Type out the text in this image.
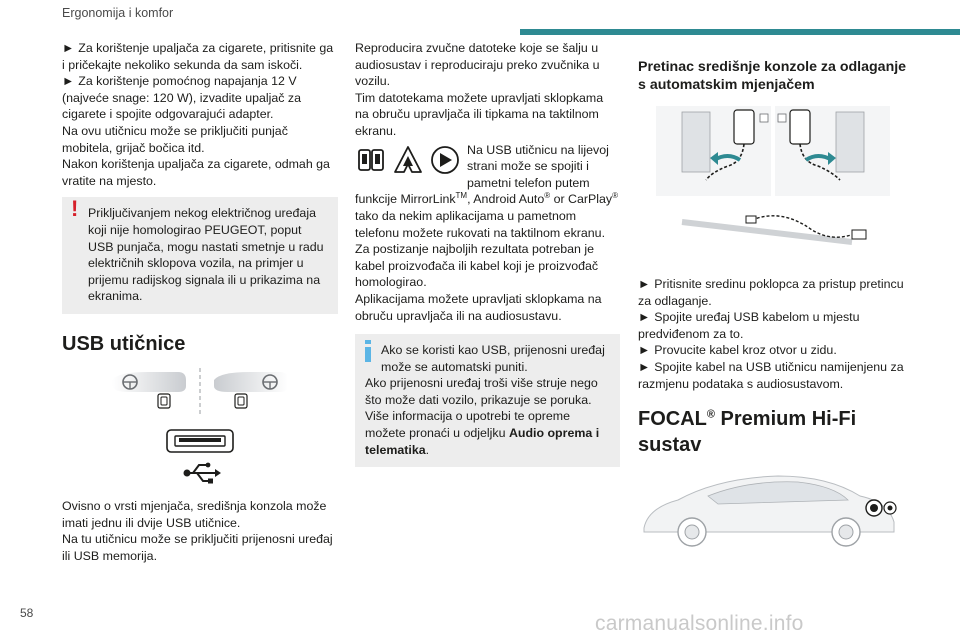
Ergonomija i komfor

► Za korištenje upaljača za cigarete, pritisnite ga i pričekajte nekoliko sekunda da sam iskoči.

► Za korištenje pomoćnog napajanja 12 V (najveće snage: 120 W), izvadite upaljač za cigarete i spojite odgovarajući adapter.

Na ovu utičnicu može se priključiti punjač mobitela, grijač bočica itd.

Nakon korištenja upaljača za cigarete, odmah ga vratite na mjesto.

! Priključivanjem nekog električnog uređaja koji nije homologirao PEUGEOT, poput USB punjača, mogu nastati smetnje u radu električnih sklopova vozila, na primjer u prijemu radijskog signala ili u prikazima na ekranima.

USB utičnice

Ovisno o vrsti mjenjača, središnja konzola može imati jednu ili dvije USB utičnice.

Na tu utičnicu može se priključiti prijenosni uređaj ili USB memorija.

Reproducira zvučne datoteke koje se šalju u audiosustav i reproduciraju preko zvučnika u vozilu.

Tim datotekama možete upravljati sklopkama na obruču upravljača ili tipkama na taktilnom ekranu.

Na USB utičnicu na lijevoj strani može se spojiti i pametni telefon putem funkcije MirrorLink™, Android Auto® or CarPlay® tako da nekim aplikacijama u pametnom telefonu možete rukovati na taktilnom ekranu.

Za postizanje najboljih rezultata potreban je kabel proizvođača ili kabel koji je proizvođač homologirao.

Aplikacijama možete upravljati sklopkama na obruču upravljača ili na audiosustavu.

Ako se koristi kao USB, prijenosni uređaj može se automatski puniti.

Ako prijenosni uređaj troši više struje nego što može dati vozilo, prikazuje se poruka.

Više informacija o upotrebi te opreme možete pronaći u odjeljku Audio oprema i telematika.

Pretinac središnje konzole za odlaganje s automatskim mjenjačem

► Pritisnite sredinu poklopca za pristup pretincu za odlaganje.

► Spojite uređaj USB kabelom u mjestu predviđenom za to.

► Provucite kabel kroz otvor u zidu.

► Spojite kabel na USB utičnicu namijenjenu za razmjenu podataka s audiosustavom.

FOCAL® Premium Hi-Fi sustav
58	carmanualsonline.info
